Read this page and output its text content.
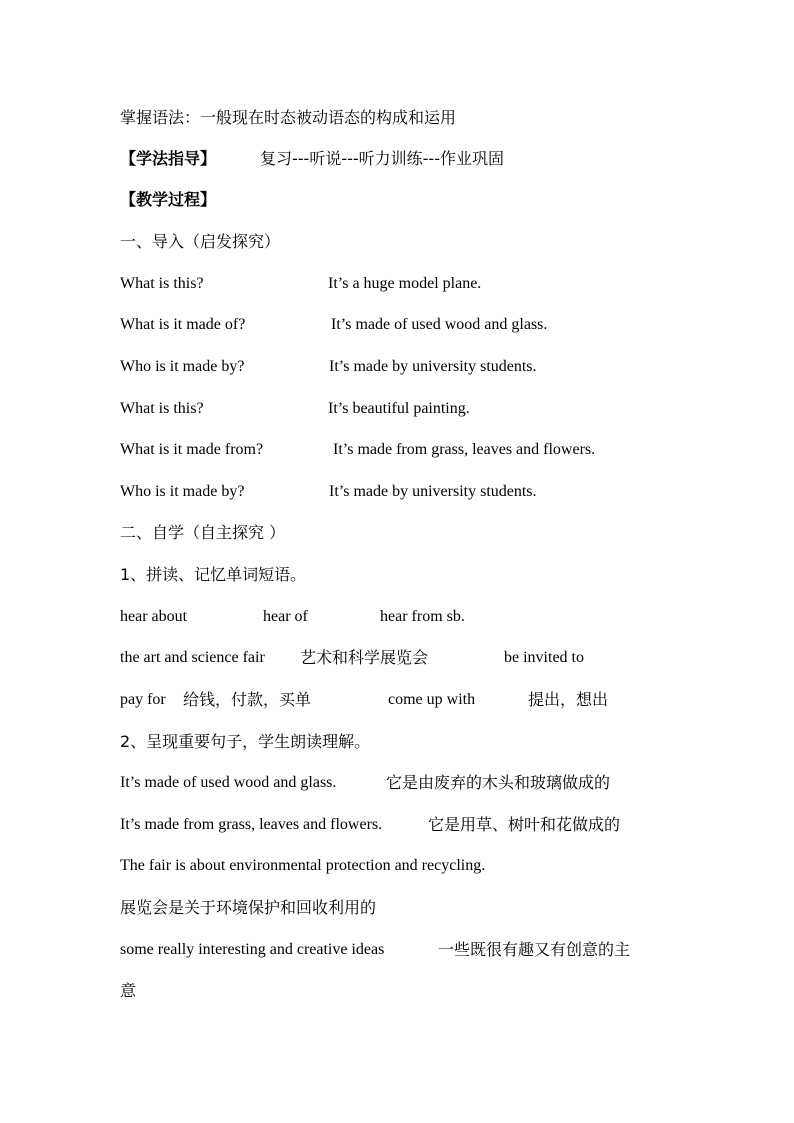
掌握语法：一般现在时态被动语态的构成和运用

【学法指导】	复习---听说---听力训练---作业巩固

【教学过程】

一、导入（启发探究）

What is this?	It’s a huge model plane.

What is it made of?	It’s made of used wood and glass.

Who is it made by?	It’s made by university students.

What is this?	It’s beautiful painting.

What is it made from?	It’s made from grass, leaves and flowers.

Who is it made by?	It’s made by university students.

二、自学（自主探究 ）

1、拼读、记忆单词短语。

hear about	hear of	hear from sb.

the art and science fair 艺术和科学展览会	be invited to

pay for 给钱，付款，买单	come up with	提出，想出

2、呈现重要句子，学生朗读理解。

It’s made of used wood and glass.	它是由废弃的木头和玻璃做成的

It’s made from grass, leaves and flowers.	它是用草、树叶和花做成的

The fair is about environmental protection and recycling.

展览会是关于环境保护和回收利用的

some really interesting and creative ideas	一些既很有趣又有创意的主

意
